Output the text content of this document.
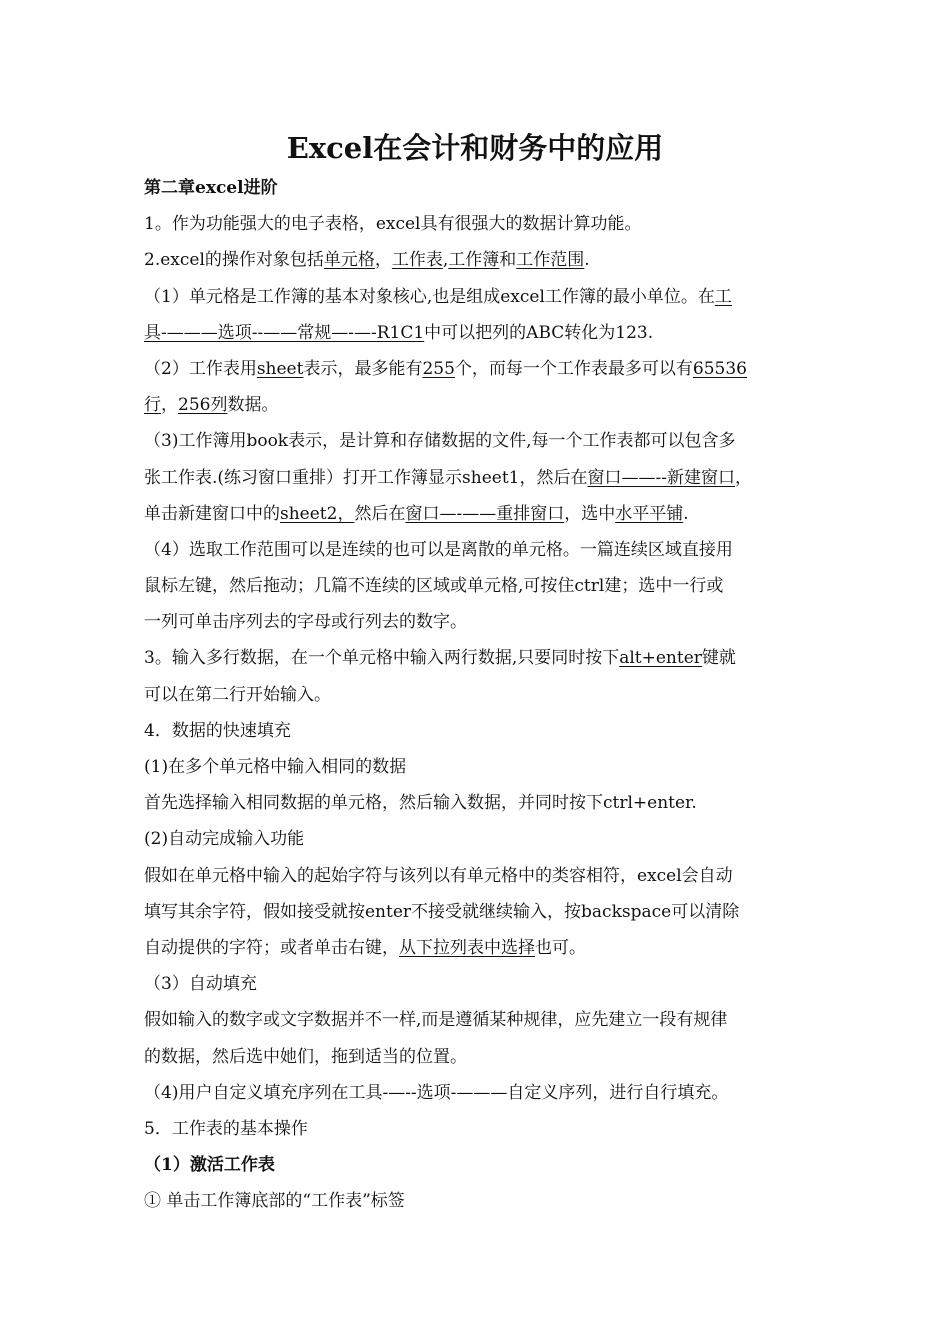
Excel在会计和财务中的应用
第二章excel进阶
1。作为功能强大的电子表格，excel具有很强大的数据计算功能。
2.excel的操作对象包括单元格，工作表,工作簿和工作范围.
（1）单元格是工作簿的基本对象核心,也是组成excel工作簿的最小单位。在工
具-———选项--——常规—-—-R1C1中可以把列的ABC转化为123.
（2）工作表用sheet表示，最多能有255个，而每一个工作表最多可以有65536
行，256列数据。
（3)工作簿用book表示，是计算和存储数据的文件,每一个工作表都可以包含多
张工作表.(练习窗口重排）打开工作簿显示sheet1，然后在窗口——--新建窗口，
单击新建窗口中的sheet2，然后在窗口—-——重排窗口，选中水平平铺.
（4）选取工作范围可以是连续的也可以是离散的单元格。一篇连续区域直接用
鼠标左键，然后拖动；几篇不连续的区域或单元格,可按住ctrl建；选中一行或
一列可单击序列去的字母或行列去的数字。
3。输入多行数据，在一个单元格中输入两行数据,只要同时按下alt+enter键就
可以在第二行开始输入。
4．数据的快速填充
(1)在多个单元格中输入相同的数据
首先选择输入相同数据的单元格，然后输入数据，并同时按下ctrl+enter.
(2)自动完成输入功能
假如在单元格中输入的起始字符与该列以有单元格中的类容相符，excel会自动
填写其余字符，假如接受就按enter不接受就继续输入，按backspace可以清除
自动提供的字符；或者单击右键，从下拉列表中选择也可。
（3）自动填充
假如输入的数字或文字数据并不一样,而是遵循某种规律，应先建立一段有规律
的数据，然后选中她们，拖到适当的位置。
（4)用户自定义填充序列在工具-—--选项-———自定义序列，进行自行填充。
5．工作表的基本操作
（1）激活工作表
① 单击工作簿底部的“工作表”标签
